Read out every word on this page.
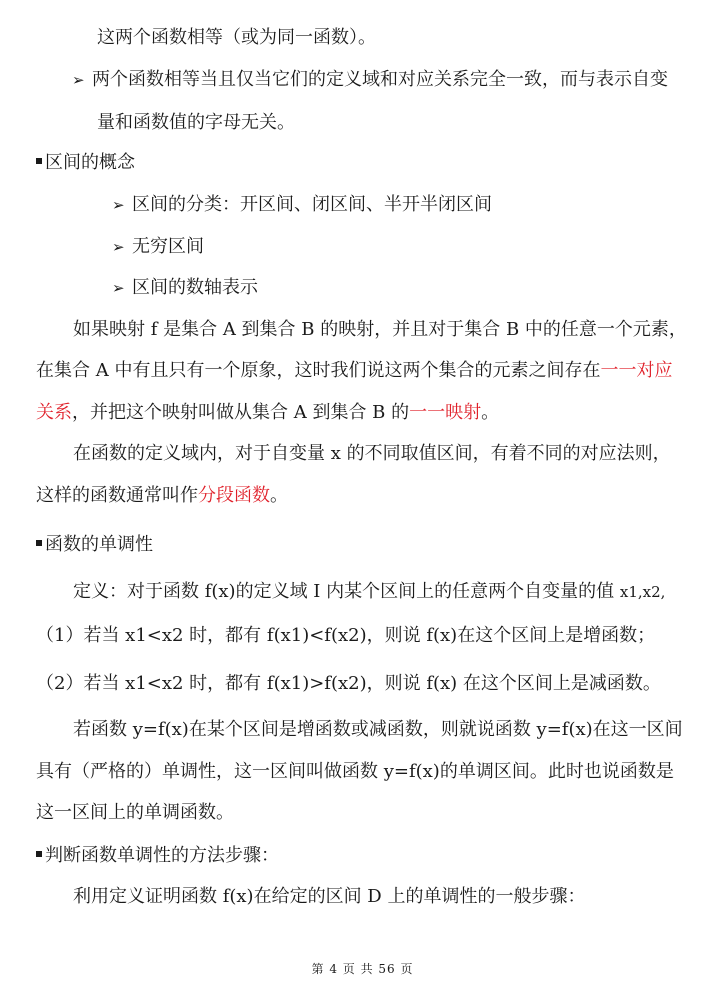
这两个函数相等（或为同一函数）。
➢ 两个函数相等当且仅当它们的定义域和对应关系完全一致，而与表示自变
量和函数值的字母无关。
区间的概念
➢ 区间的分类：开区间、闭区间、半开半闭区间
➢ 无穷区间
➢ 区间的数轴表示
如果映射 f 是集合 A 到集合 B 的映射，并且对于集合 B 中的任意一个元素，
在集合 A 中有且只有一个原象，这时我们说这两个集合的元素之间存在一一对应
关系，并把这个映射叫做从集合 A 到集合 B 的一一映射。
在函数的定义域内，对于自变量 x 的不同取值区间，有着不同的对应法则，
这样的函数通常叫作分段函数。
函数的单调性
定义：对于函数 f(x)的定义域 I 内某个区间上的任意两个自变量的值 x1,x2,
（1）若当 x1<x2 时，都有 f(x1)<f(x2)，则说 f(x)在这个区间上是增函数；
（2）若当 x1<x2 时，都有 f(x1)>f(x2)，则说 f(x) 在这个区间上是减函数。
若函数 y=f(x)在某个区间是增函数或减函数，则就说函数 y=f(x)在这一区间
具有（严格的）单调性，这一区间叫做函数 y=f(x)的单调区间。此时也说函数是
这一区间上的单调函数。
判断函数单调性的方法步骤：
利用定义证明函数 f(x)在给定的区间 D 上的单调性的一般步骤：
第 4 页 共 56 页
